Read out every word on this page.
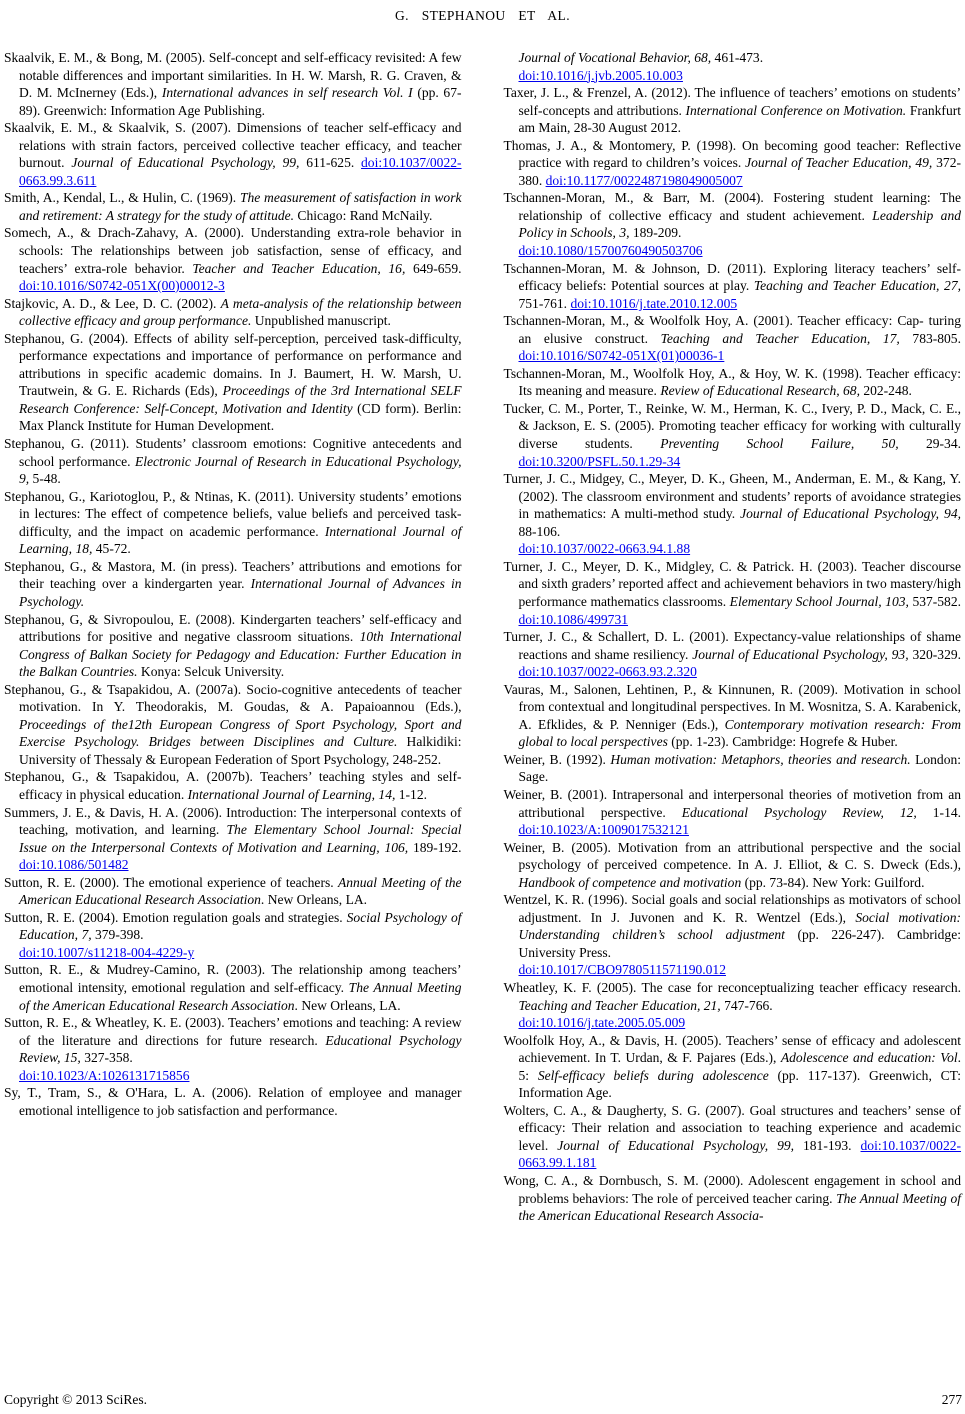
G. STEPHANOU ET AL.
Skaalvik, E. M., & Bong, M. (2005). Self-concept and self-efficacy revisited: A few notable differences and important similarities. In H. W. Marsh, R. G. Craven, & D. M. McInerney (Eds.), International advances in self research Vol. I (pp. 67-89). Greenwich: Information Age Publishing.
Skaalvik, E. M., & Skaalvik, S. (2007). Dimensions of teacher self-efficacy and relations with strain factors, perceived collective teacher efficacy, and teacher burnout. Journal of Educational Psychology, 99, 611-625. doi:10.1037/0022-0663.99.3.611
Smith, A., Kendal, L., & Hulin, C. (1969). The measurement of satisfaction in work and retirement: A strategy for the study of attitude. Chicago: Rand McNaily.
Somech, A., & Drach-Zahavy, A. (2000). Understanding extra-role behavior in schools: The relationships between job satisfaction, sense of efficacy, and teachers’ extra-role behavior. Teacher and Teacher Education, 16, 649-659. doi:10.1016/S0742-051X(00)00012-3
Stajkovic, A. D., & Lee, D. C. (2002). A meta-analysis of the relationship between collective efficacy and group performance. Unpublished manuscript.
Stephanou, G. (2004). Effects of ability self-perception, perceived task-difficulty, performance expectations and importance of performance on performance and attributions in specific academic domains. In J. Baumert, H. W. Marsh, U. Trautwein, & G. E. Richards (Eds), Proceedings of the 3rd International SELF Research Conference: Self-Concept, Motivation and Identity (CD form). Berlin: Max Planck Institute for Human Development.
Stephanou, G. (2011). Students’ classroom emotions: Cognitive antecedents and school performance. Electronic Journal of Research in Educational Psychology, 9, 5-48.
Stephanou, G., Kariotoglou, P., & Ntinas, K. (2011). University students’ emotions in lectures: The effect of competence beliefs, value beliefs and perceived task-difficulty, and the impact on academic performance. International Journal of Learning, 18, 45-72.
Stephanou, G., & Mastora, M. (in press). Teachers’ attributions and emotions for their teaching over a kindergarten year. International Journal of Advances in Psychology.
Stephanou, G, & Sivropoulou, E. (2008). Kindergarten teachers’ self-efficacy and attributions for positive and negative classroom situations. 10th International Congress of Balkan Society for Pedagogy and Education: Further Education in the Balkan Countries. Konya: Selcuk University.
Stephanou, G., & Tsapakidou, A. (2007a). Socio-cognitive antecedents of teacher motivation. In Y. Theodorakis, M. Goudas, & A. Papaioannou (Eds.), Proceedings of the12th European Congress of Sport Psychology, Sport and Exercise Psychology. Bridges between Disciplines and Culture. Halkidiki: University of Thessaly & European Federation of Sport Psychology, 248-252.
Stephanou, G., & Tsapakidou, A. (2007b). Teachers’ teaching styles and self-efficacy in physical education. International Journal of Learning, 14, 1-12.
Summers, J. E., & Davis, H. A. (2006). Introduction: The interpersonal contexts of teaching, motivation, and learning. The Elementary School Journal: Special Issue on the Interpersonal Contexts of Motivation and Learning, 106, 189-192. doi:10.1086/501482
Sutton, R. E. (2000). The emotional experience of teachers. Annual Meeting of the American Educational Research Association. New Orleans, LA.
Sutton, R. E. (2004). Emotion regulation goals and strategies. Social Psychology of Education, 7, 379-398.
doi:10.1007/s11218-004-4229-y
Sutton, R. E., & Mudrey-Camino, R. (2003). The relationship among teachers’ emotional intensity, emotional regulation and self-efficacy. The Annual Meeting of the American Educational Research Association. New Orleans, LA.
Sutton, R. E., & Wheatley, K. E. (2003). Teachers’ emotions and teaching: A review of the literature and directions for future research. Educational Psychology Review, 15, 327-358.
doi:10.1023/A:1026131715856
Sy, T., Tram, S., & O'Hara, L. A. (2006). Relation of employee and manager emotional intelligence to job satisfaction and performance.
Journal of Vocational Behavior, 68, 461-473.
doi:10.1016/j.jvb.2005.10.003
Taxer, J. L., & Frenzel, A. (2012). The influence of teachers’ emotions on students’ self-concepts and attributions. International Conference on Motivation. Frankfurt am Main, 28-30 August 2012.
Thomas, J. A., & Montomery, P. (1998). On becoming good teacher: Reflective practice with regard to children’s voices. Journal of Teacher Education, 49, 372-380. doi:10.1177/0022487198049005007
Tschannen-Moran, M., & Barr, M. (2004). Fostering student learning: The relationship of collective efficacy and student achievement. Leadership and Policy in Schools, 3, 189-209.
doi:10.1080/15700760490503706
Tschannen-Moran, M. & Johnson, D. (2011). Exploring literacy teachers’ self-efficacy beliefs: Potential sources at play. Teaching and Teacher Education, 27, 751-761. doi:10.1016/j.tate.2010.12.005
Tschannen-Moran, M., & Woolfolk Hoy, A. (2001). Teacher efficacy: Cap- turing an elusive construct. Teaching and Teacher Education, 17, 783-805. doi:10.1016/S0742-051X(01)00036-1
Tschannen-Moran, M., Woolfolk Hoy, A., & Hoy, W. K. (1998). Teacher efficacy: Its meaning and measure. Review of Educational Research, 68, 202-248.
Tucker, C. M., Porter, T., Reinke, W. M., Herman, K. C., Ivery, P. D., Mack, C. E., & Jackson, E. S. (2005). Promoting teacher efficacy for working with culturally diverse students. Preventing School Failure, 50, 29-34. doi:10.3200/PSFL.50.1.29-34
Turner, J. C., Midgey, C., Meyer, D. K., Gheen, M., Anderman, E. M., & Kang, Y. (2002). The classroom environment and students’ reports of avoidance strategies in mathematics: A multi-method study. Journal of Educational Psychology, 94, 88-106.
doi:10.1037/0022-0663.94.1.88
Turner, J. C., Meyer, D. K., Midgley, C. & Patrick. H. (2003). Teacher discourse and sixth graders’ reported affect and achievement behaviors in two mastery/high performance mathematics classrooms. Elementary School Journal, 103, 537-582. doi:10.1086/499731
Turner, J. C., & Schallert, D. L. (2001). Expectancy-value relationships of shame reactions and shame resiliency. Journal of Educational Psychology, 93, 320-329. doi:10.1037/0022-0663.93.2.320
Vauras, M., Salonen, Lehtinen, P., & Kinnunen, R. (2009). Motivation in school from contextual and longitudinal perspectives. In M. Wosnitza, S. A. Karabenick, A. Efklides, & P. Nenniger (Eds.), Contemporary motivation research: From global to local perspectives (pp. 1-23). Cambridge: Hogrefe & Huber.
Weiner, B. (1992). Human motivation: Metaphors, theories and research. London: Sage.
Weiner, B. (2001). Intrapersonal and interpersonal theories of motivetion from an attributional perspective. Educational Psychology Review, 12, 1-14. doi:10.1023/A:1009017532121
Weiner, B. (2005). Motivation from an attributional perspective and the social psychology of perceived competence. In A. J. Elliot, & C. S. Dweck (Eds.), Handbook of competence and motivation (pp. 73-84). New York: Guilford.
Wentzel, K. R. (1996). Social goals and social relationships as motivators of school adjustment. In J. Juvonen and K. R. Wentzel (Eds.), Social motivation: Understanding children’s school adjustment (pp. 226-247). Cambridge: University Press.
doi:10.1017/CBO9780511571190.012
Wheatley, K. F. (2005). The case for reconceptualizing teacher efficacy research. Teaching and Teacher Education, 21, 747-766.
doi:10.1016/j.tate.2005.05.009
Woolfolk Hoy, A., & Davis, H. (2005). Teachers’ sense of efficacy and adolescent achievement. In T. Urdan, & F. Pajares (Eds.), Adolescence and education: Vol. 5: Self-efficacy beliefs during adolescence (pp. 117-137). Greenwich, CT: Information Age.
Wolters, C. A., & Daugherty, S. G. (2007). Goal structures and teachers’ sense of efficacy: Their relation and association to teaching experience and academic level. Journal of Educational Psychology, 99, 181-193. doi:10.1037/0022-0663.99.1.181
Wong, C. A., & Dornbusch, S. M. (2000). Adolescent engagement in school and problems behaviors: The role of perceived teacher caring. The Annual Meeting of the American Educational Research Associa-
Copyright © 2013 SciRes.	277
